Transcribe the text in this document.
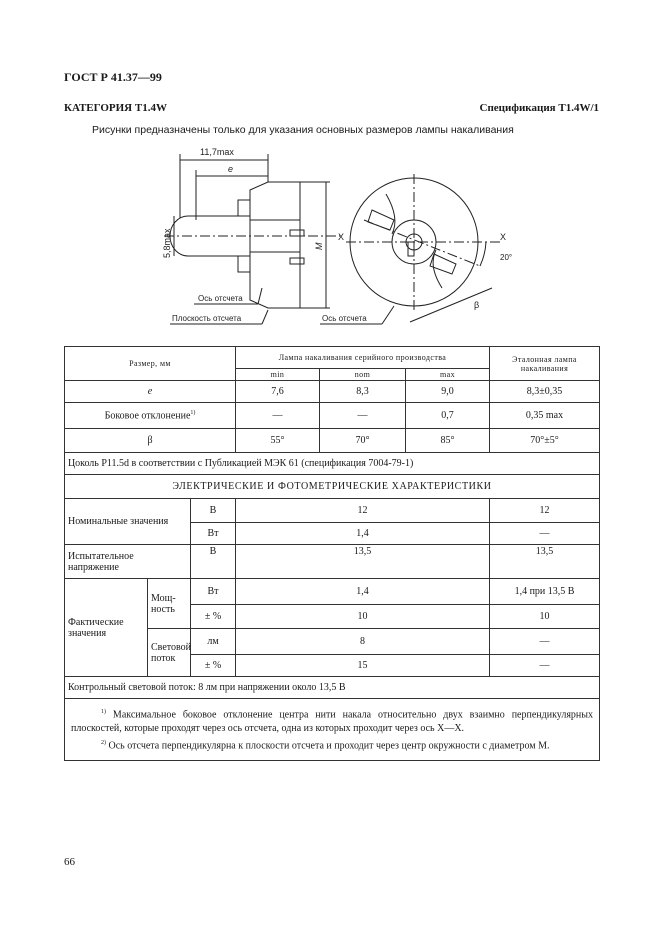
ГОСТ Р 41.37—99
КАТЕГОРИЯ T1.4W	Спецификация T1.4W/1
Рисунки предназначены только для указания основных размеров лампы накаливания
11,7max
e
5,8max	M
Ось отсчета
Плоскость отсчета	Ось отсчета
X	X
20°
β
Размер, мм			Лампа накаливания серийного производства			Эталонная лампа накаливания
			min	nom	max	
e			7,6	8,3	9,0	8,3±0,35
Боковое отклонение$^{1)}$			—	—	0,7	0,35 max
β			55°	70°	85°	70°±5°
Цоколь P11.5d в соответствии с Публикацией МЭК 61 (спецификация 7004-79-1)						
ЭЛЕКТРИЧЕСКИЕ И ФОТОМЕТРИЧЕСКИЕ ХАРАКТЕРИСТИКИ						
Номинальные значения		В	12			12
		Вт	1,4			—
Испытательное напряжение		В	13,5			13,5
Фактические значения	Мощ-ность	Вт	1,4			1,4 при 13,5 В
		± %	10			10
	Световой поток	лм	8			—
		± %	15			—
Контрольный световой поток: 8 лм при напряжении около 13,5 В						

$^{1)}$ Максимальное боковое отклонение центра нити накала относительно двух взаимно перпендикулярных плоскостей, которые проходят через ось отсчета, одна из которых проходит через ось X—X.

$^{2)}$ Ось отсчета перпендикулярна к плоскости отсчета и проходит через центр окружности с диаметром M.						

66
